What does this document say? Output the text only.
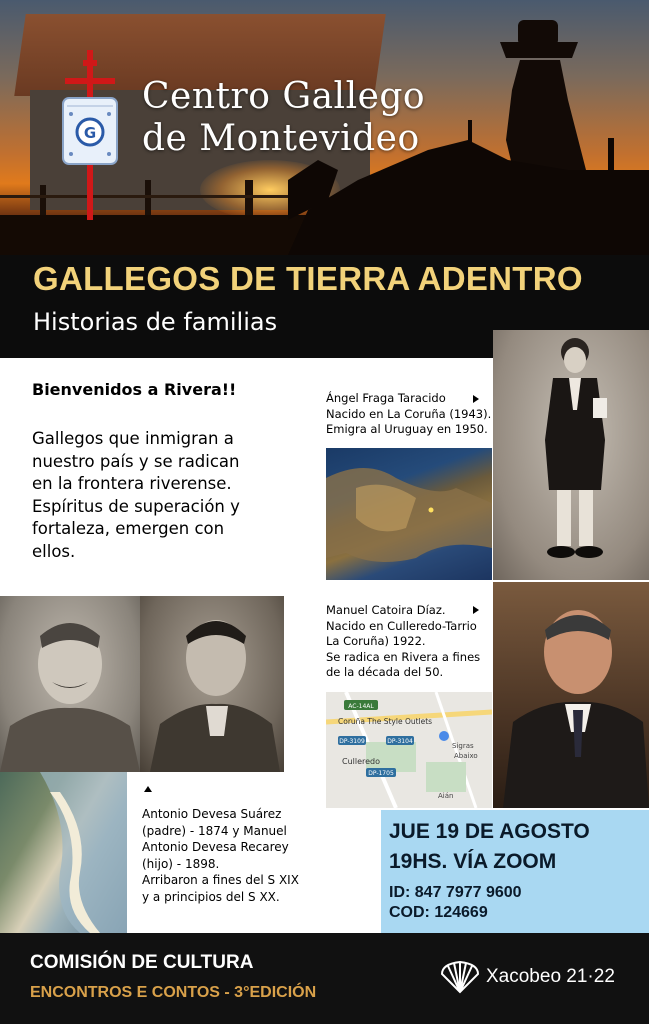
G
Centro Gallego
de Montevideo
GALLEGOS DE TIERRA ADENTRO
Historias de familias
Bienvenidos a Rivera!!
Gallegos que inmigran a nuestro país y se radican en la frontera riverense. Espíritus de superación y fortaleza, emergen con ellos.
Ángel Fraga Taracido
Nacido en La Coruña (1943).
Emigra al Uruguay en 1950.
Manuel Catoira Díaz.
Nacido en Culleredo-Tarrio
La Coruña) 1922.
Se radica en Rivera a fines
de la década del 50.
AC-14AL
Coruña The Style Outlets
DP-3109	DP-3104
Culleredo
DP-1705
Sigras
Abaixo
Aián
Antonio Devesa Suárez
(padre) - 1874 y Manuel
Antonio Devesa Recarey
(hijo) - 1898.
Arribaron a fines del S XIX
y a principios del S XX.
JUE 19 DE AGOSTO
19HS. VÍA ZOOM
ID: 847 7977 9600
COD: 124669
COMISIÓN DE CULTURA
ENCONTROS E CONTOS - 3°EDICIÓN
Xacobeo 21·22
